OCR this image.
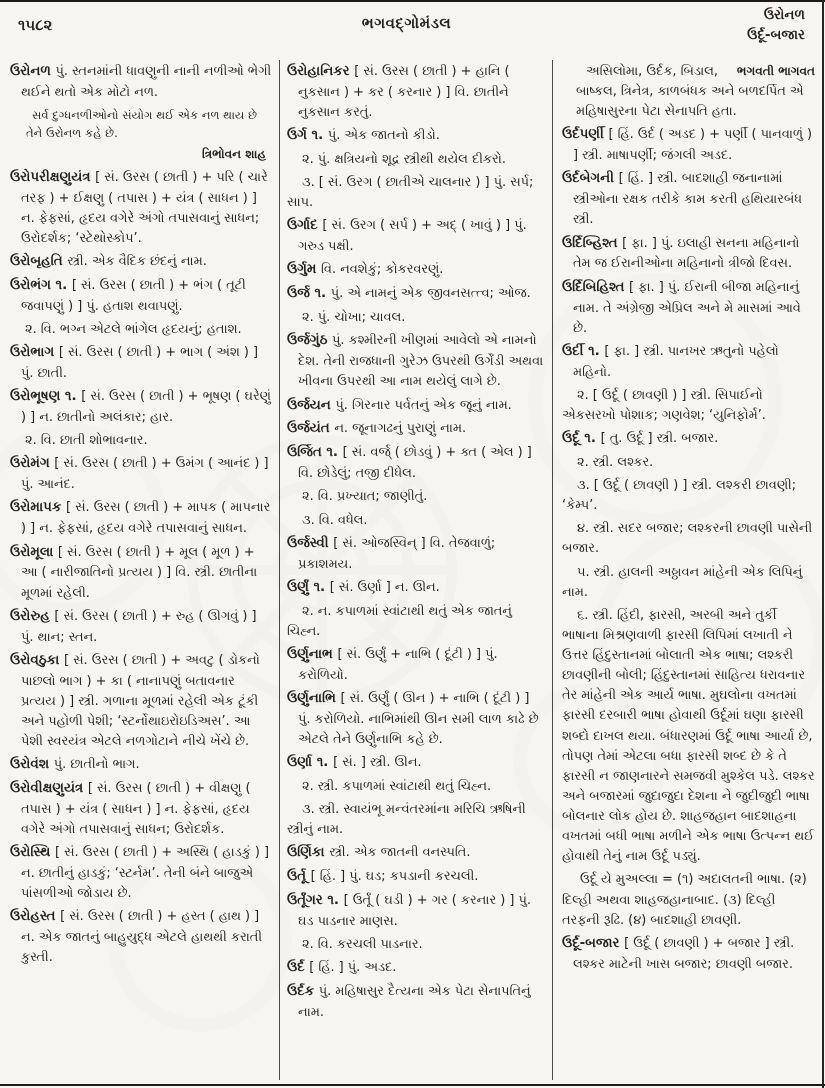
૧૫૮૨	ભગવદ્ગોમંડલ	ઉરોનળ
ઉર્દૂ-બજાર

ઉરોનળ પું. સ્તનમાંની ધાવણુની નાની નળીઓ ભેગી થઈને થતો એક મોટો નળ.

સર્વ દુગ્ધનળીઓનો સંયોગ થઈ એક નળ થાય છે તેને ઉરોનળ કહે છે.

ત્રિભોવન શાહ

ઉરોપરીક્ષણુયંત્ર [ સં. ઉરસ ( છાતી ) + પરિ ( ચારે તરફ ) + ઈક્ષણુ ( તપાસ ) + યંત્ર ( સાધન ) ] ન. ફેફસાં, હૃદય વગેરે અંગો તપાસવાનું સાધન; ઉરોદર્શક; ‘સ્ટેથોસ્કોપ’.

ઉરોબૃહતિ સ્ત્રી. એક વૈદિક છંદનું નામ.

ઉરોભંગ ૧. [ સં. ઉરસ ( છાતી ) + ભંગ ( તૂટી જવાપણું ) ] પું. હતાશ થવાપણું.

૨. વિ. ભગ્ન એટલે ભાંગેલ હૃદયનું; હતાશ.

ઉરોભાગ [ સં. ઉરસ ( છાતી ) + ભાગ ( અંશ ) ] પું. છાતી.

ઉરોભૂષણ ૧. [ સં. ઉરસ ( છાતી ) + ભૂષણ ( ઘરેણું ) ] ન. છાતીનો અલંકાર; હાર.

૨. વિ. છાતી શોભાવનાર.

ઉરોમંગ [ સં. ઉરસ ( છાતી ) + ઉમંગ ( આનંદ ) ] પું. આનંદ.

ઉરોમાપક [ સં. ઉરસ ( છાતી ) + માપક ( માપનાર ) ] ન. ફેફસાં, હૃદય વગેરે તપાસવાનું સાધન.

ઉરોમૂલા [ સં. ઉરસ ( છાતી ) + મૂલ ( મૂળ ) + આ ( નારીજાતિનો પ્રત્યય ) ] વિ. સ્ત્રી. છાતીના મૂળમાં રહેલી.

ઉરોરુહ [ સં. ઉરસ ( છાતી ) + રુહ ( ઊગવું ) ] પું. થાન; સ્તન.

ઉરોવઠુકા [ સં. ઉરસ ( છાતી ) + અવટુ ( ડોકનો પાછલો ભાગ ) + કા ( નાનાપણું બતાવનાર પ્રત્યય ) ] સ્ત્રી. ગળાના મૂળમાં રહેલી એક ટૂંકી અને પહોળી પેશી; ‘સ્ટર્નોથાઇરોઇડિઅસ’. આ પેશી સ્વરયંત્ર એટલે નળગોટાને નીચે ખેંચે છે.

ઉરોવંશ પું. છાતીનો ભાગ.

ઉરોવીક્ષણુયંત્ર [ સં. ઉરસ ( છાતી ) + વીક્ષણુ ( તપાસ ) + યંત્ર ( સાધન ) ] ન. ફેફસાં, હૃદય વગેરે અંગો તપાસવાનું સાધન; ઉરોદર્શક.

ઉરોસ્થિ [ સં. ઉરસ ( છાતી ) + અસ્થિ ( હાડકું ) ] ન. છાતીનું હાડકું; ‘સ્ટર્નમ’. તેની બંને બાજુએ પાંસળીઓ જોડાય છે.

ઉરોહસ્ત [ સં. ઉરસ ( છાતી ) + હસ્ત ( હાથ ) ] ન. એક જાતનું બાહુયુદ્ધ એટલે હાથથી કરાતી કુસ્તી.

ઉરોહાનિકર [ સં. ઉરસ ( છાતી ) + હાનિ ( નુકસાન ) + કર ( કરનાર ) ] વિ. છાતીને નુકસાન કરતું.

ઉર્ગ ૧. પું. એક જાતનો કીડો.

૨. પું. ક્ષત્રિયનો શૂદ્ર સ્ત્રીથી થયેલ દીકરો.

૩. [ સં. ઉરગ ( છાતીએ ચાલનાર ) ] પું. સર્પ; સાપ.

ઉર્ગાદ [ સં. ઉરગ ( સર્પ ) + અદ્ ( ખાવું ) ] પું. ગરુડ પક્ષી.

ઉર્ગુમ વિ. નવશેકું; કોકરવરણું.

ઉર્જ ૧. પું. એ નામનું એક જીવનસત્ત્વ; ઓજ.

૨. પું. ચોખા; ચાવલ.

ઉર્જગુંઠ પું. કશ્મીરની ખીણમાં આવેલો એ નામનો દેશ. તેની રાજધાની ગુરેઝ ઉપરથી ઉર્ગેંડી અથવા ખીવના ઉપરથી આ નામ થયેલું લાગે છે.

ઉર્જયન પું. ગિરનાર પર્વતનું એક જૂનું નામ.

ઉર્જયંત ન. જૂનાગઢનું પુરાણું નામ.

ઉર્જિત ૧. [ સં. વર્જ્ ( છોડવું ) + ક્ત ( એલ ) ] વિ. છોડેલું; તજી દીધેલ.

૨. વિ. પ્રખ્યાત; જાણીતું.

૩. વિ. વધેલ.

ઉર્જસ્વી [ સં. ઓજસ્વિન્ ] વિ. તેજવાળું; પ્રકાશમય.

ઉર્ણું ૧. [ સં. ઉર્ણા ] ન. ઊન.

૨. ન. કપાળમાં સ્વાંટાથી થતું એક જાતનું ચિહ્ન.

ઉર્ણુનાભ [ સં. ઉર્ણું + નાભિ ( દૂંટી ) ] પું. કરોળિયો.

ઉર્ણુનાભિ [ સં. ઉર્ણું ( ઊન ) + નાભિ ( દૂંટી ) ] પું. કરોળિયો. નાભિમાંથી ઊન સમી લાળ કાઢે છે એટલે તેને ઉર્ણુનાભિ કહે છે.

ઉર્ણા ૧. [ સં. ] સ્ત્રી. ઊન.

૨. સ્ત્રી. કપાળમાં સ્વાંટાથી થતું ચિહ્ન.

૩. સ્ત્રી. સ્વાયંભૂ મન્વંતરમાંના મરિચિ ઋષિની સ્ત્રીનું નામ.

ઉર્ણિકા સ્ત્રી. એક જાતની વનસ્પતિ.

ઉર્તૂ [ હિં. ] પું. ઘડ; કપડાની કરચલી.

ઉર્તૂંગર ૧. [ ઉર્તૂં ( ઘડી ) + ગર ( કરનાર ) ] પું. ઘડ પાડનાર માણસ.

૨. વિ. કરચલી પાડનાર.

ઉર્દ [ હિં. ] પું. અડદ.

ઉર્દક પું. મહિષાસુર દૈત્યના એક પેટા સેનાપતિનું નામ.

ભગવતી ભાગવત
અસિલોમા, ઉર્દક, બિડાલ, બાષ્કલ, ત્રિનેત્ર, કાળબંધક અને બળદર્પિત એ મહિષાસુરના પેટા સેનાપતિ હતા.

ઉર્દપર્ણી [ હિં. ઉર્દ ( અડદ ) + પર્ણી ( પાનવાળું ) ] સ્ત્રી. માષાપર્ણી; જંગલી અડદ.

ઉર્દબેગની [ હિં. ] સ્ત્રી. બાદશાહી જનાનામાં સ્ત્રીઓના રક્ષક તરીકે કામ કરતી હથિયારબંધ સ્ત્રી.

ઉર્દિબ્હિશ્ત [ ફા. ] પું. ઇલાહી સનના મહિનાનો તેમ જ ઈરાનીઓના મહિનાનો ત્રીજો દિવસ.

ઉર્દિબિહિશ્ત [ ફા. ] પું. ઈરાની બીજા મહિનાનું નામ. તે અંગ્રેજી એપ્રિલ અને મે માસમાં આવે છે.

ઉર્દી ૧. [ ફા. ] સ્ત્રી. પાનખર ઋતુનો પહેલો મહિનો.

૨. [ ઉર્દૂ ( છાવણી ) ] સ્ત્રી. સિપાઈનો એકસરખો પોશાક; ગણવેશ; ‘યુનિફોર્મ’.

ઉર્દૂ ૧. [ તુ. ઉર્દૂ ] સ્ત્રી. બજાર.

૨. સ્ત્રી. લશ્કર.

૩. [ ઉર્દૂ ( છાવણી ) ] સ્ત્રી. લશ્કરી છાવણી; ‘કેમ્પ’.

૪. સ્ત્રી. સદર બજાર; લશ્કરની છાવણી પાસેની બજાર.

૫. સ્ત્રી. હાલની અઠ્ઠાવન માંહેની એક લિપિનું નામ.

૬. સ્ત્રી. હિંદી, ફારસી, અરબી અને તુર્કી ભાષાના મિશ્રણવાળી ફારસી લિપિમાં લખાતી ને ઉત્તર હિંદુસ્તાનમાં બોલાતી એક ભાષા; લશ્કરી છાવણીની બોલી; હિંદુસ્તાનમાં સાહિત્ય ધરાવનાર તેર માંહેની એક આર્ય ભાષા. મુઘલોના વખતમાં ફારસી દરબારી ભાષા હોવાથી ઉર્દૂમાં ઘણા ફારસી શબ્દો દાખલ થયા. બંધારણમાં ઉર્દૂ ભાષા આર્યા છે, તોપણ તેમાં એટલા બધા ફારસી શબ્દ છે કે તે ફારસી ન જાણનારને સમજવી મુશ્કેલ પડે. લશ્કર અને બજારમાં જુદાજુદા દેશના ને જુદીજુદી ભાષા બોલનાર લોક હોય છે. શાહજહાન બાદશાહના વખતમાં બધી ભાષા મળીને એક ભાષા ઉત્પન્ન થઈ હોવાથી તેનું નામ ઉર્દૂ પડ્યું.

ઉર્દૂ યે મુઅલ્લા = (૧) અદાલતની ભાષા. (૨) દિલ્હી અથવા શાહજહાનાબાદ. (૩) દિલ્હી તરફની રૂઢિ. (૪) બાદશાહી છાવણી.

ઉર્દૂ-બજાર [ ઉર્દૂ ( છાવણી ) + બજાર ] સ્ત્રી. લશ્કર માટેની ખાસ બજાર; છાવણી બજાર.
